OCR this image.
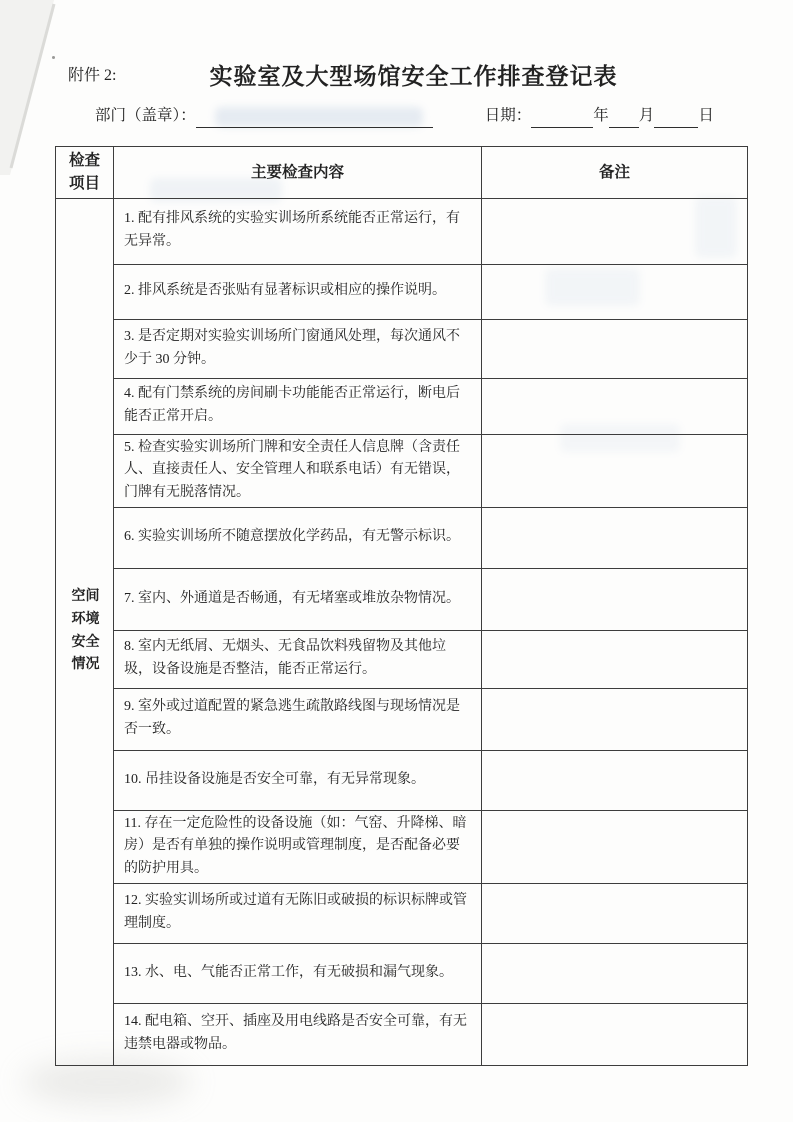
附件 2:	实验室及大型场馆安全工作排查登记表
部门（盖章）：	日期：	年 月	日
检查
项目	主要检查内容	备注

空间
环境
安全
情况	1. 配有排风系统的实验实训场所系统能否正常运行，有无异常。	
	2. 排风系统是否张贴有显著标识或相应的操作说明。	
	3. 是否定期对实验实训场所门窗通风处理，每次通风不少于 30 分钟。	
	4. 配有门禁系统的房间刷卡功能能否正常运行，断电后能否正常开启。	
	5. 检查实验实训场所门牌和安全责任人信息牌（含责任人、直接责任人、安全管理人和联系电话）有无错误，门牌有无脱落情况。	
	6. 实验实训场所不随意摆放化学药品，有无警示标识。	
	7. 室内、外通道是否畅通，有无堵塞或堆放杂物情况。	
	8. 室内无纸屑、无烟头、无食品饮料残留物及其他垃圾，设备设施是否整洁，能否正常运行。	
	9. 室外或过道配置的紧急逃生疏散路线图与现场情况是否一致。	
	10. 吊挂设备设施是否安全可靠，有无异常现象。	
	11. 存在一定危险性的设备设施（如：气窑、升降梯、暗房）是否有单独的操作说明或管理制度，是否配备必要的防护用具。	
	12. 实验实训场所或过道有无陈旧或破损的标识标牌或管理制度。	
	13. 水、电、气能否正常工作，有无破损和漏气现象。	
	14. 配电箱、空开、插座及用电线路是否安全可靠，有无违禁电器或物品。	
